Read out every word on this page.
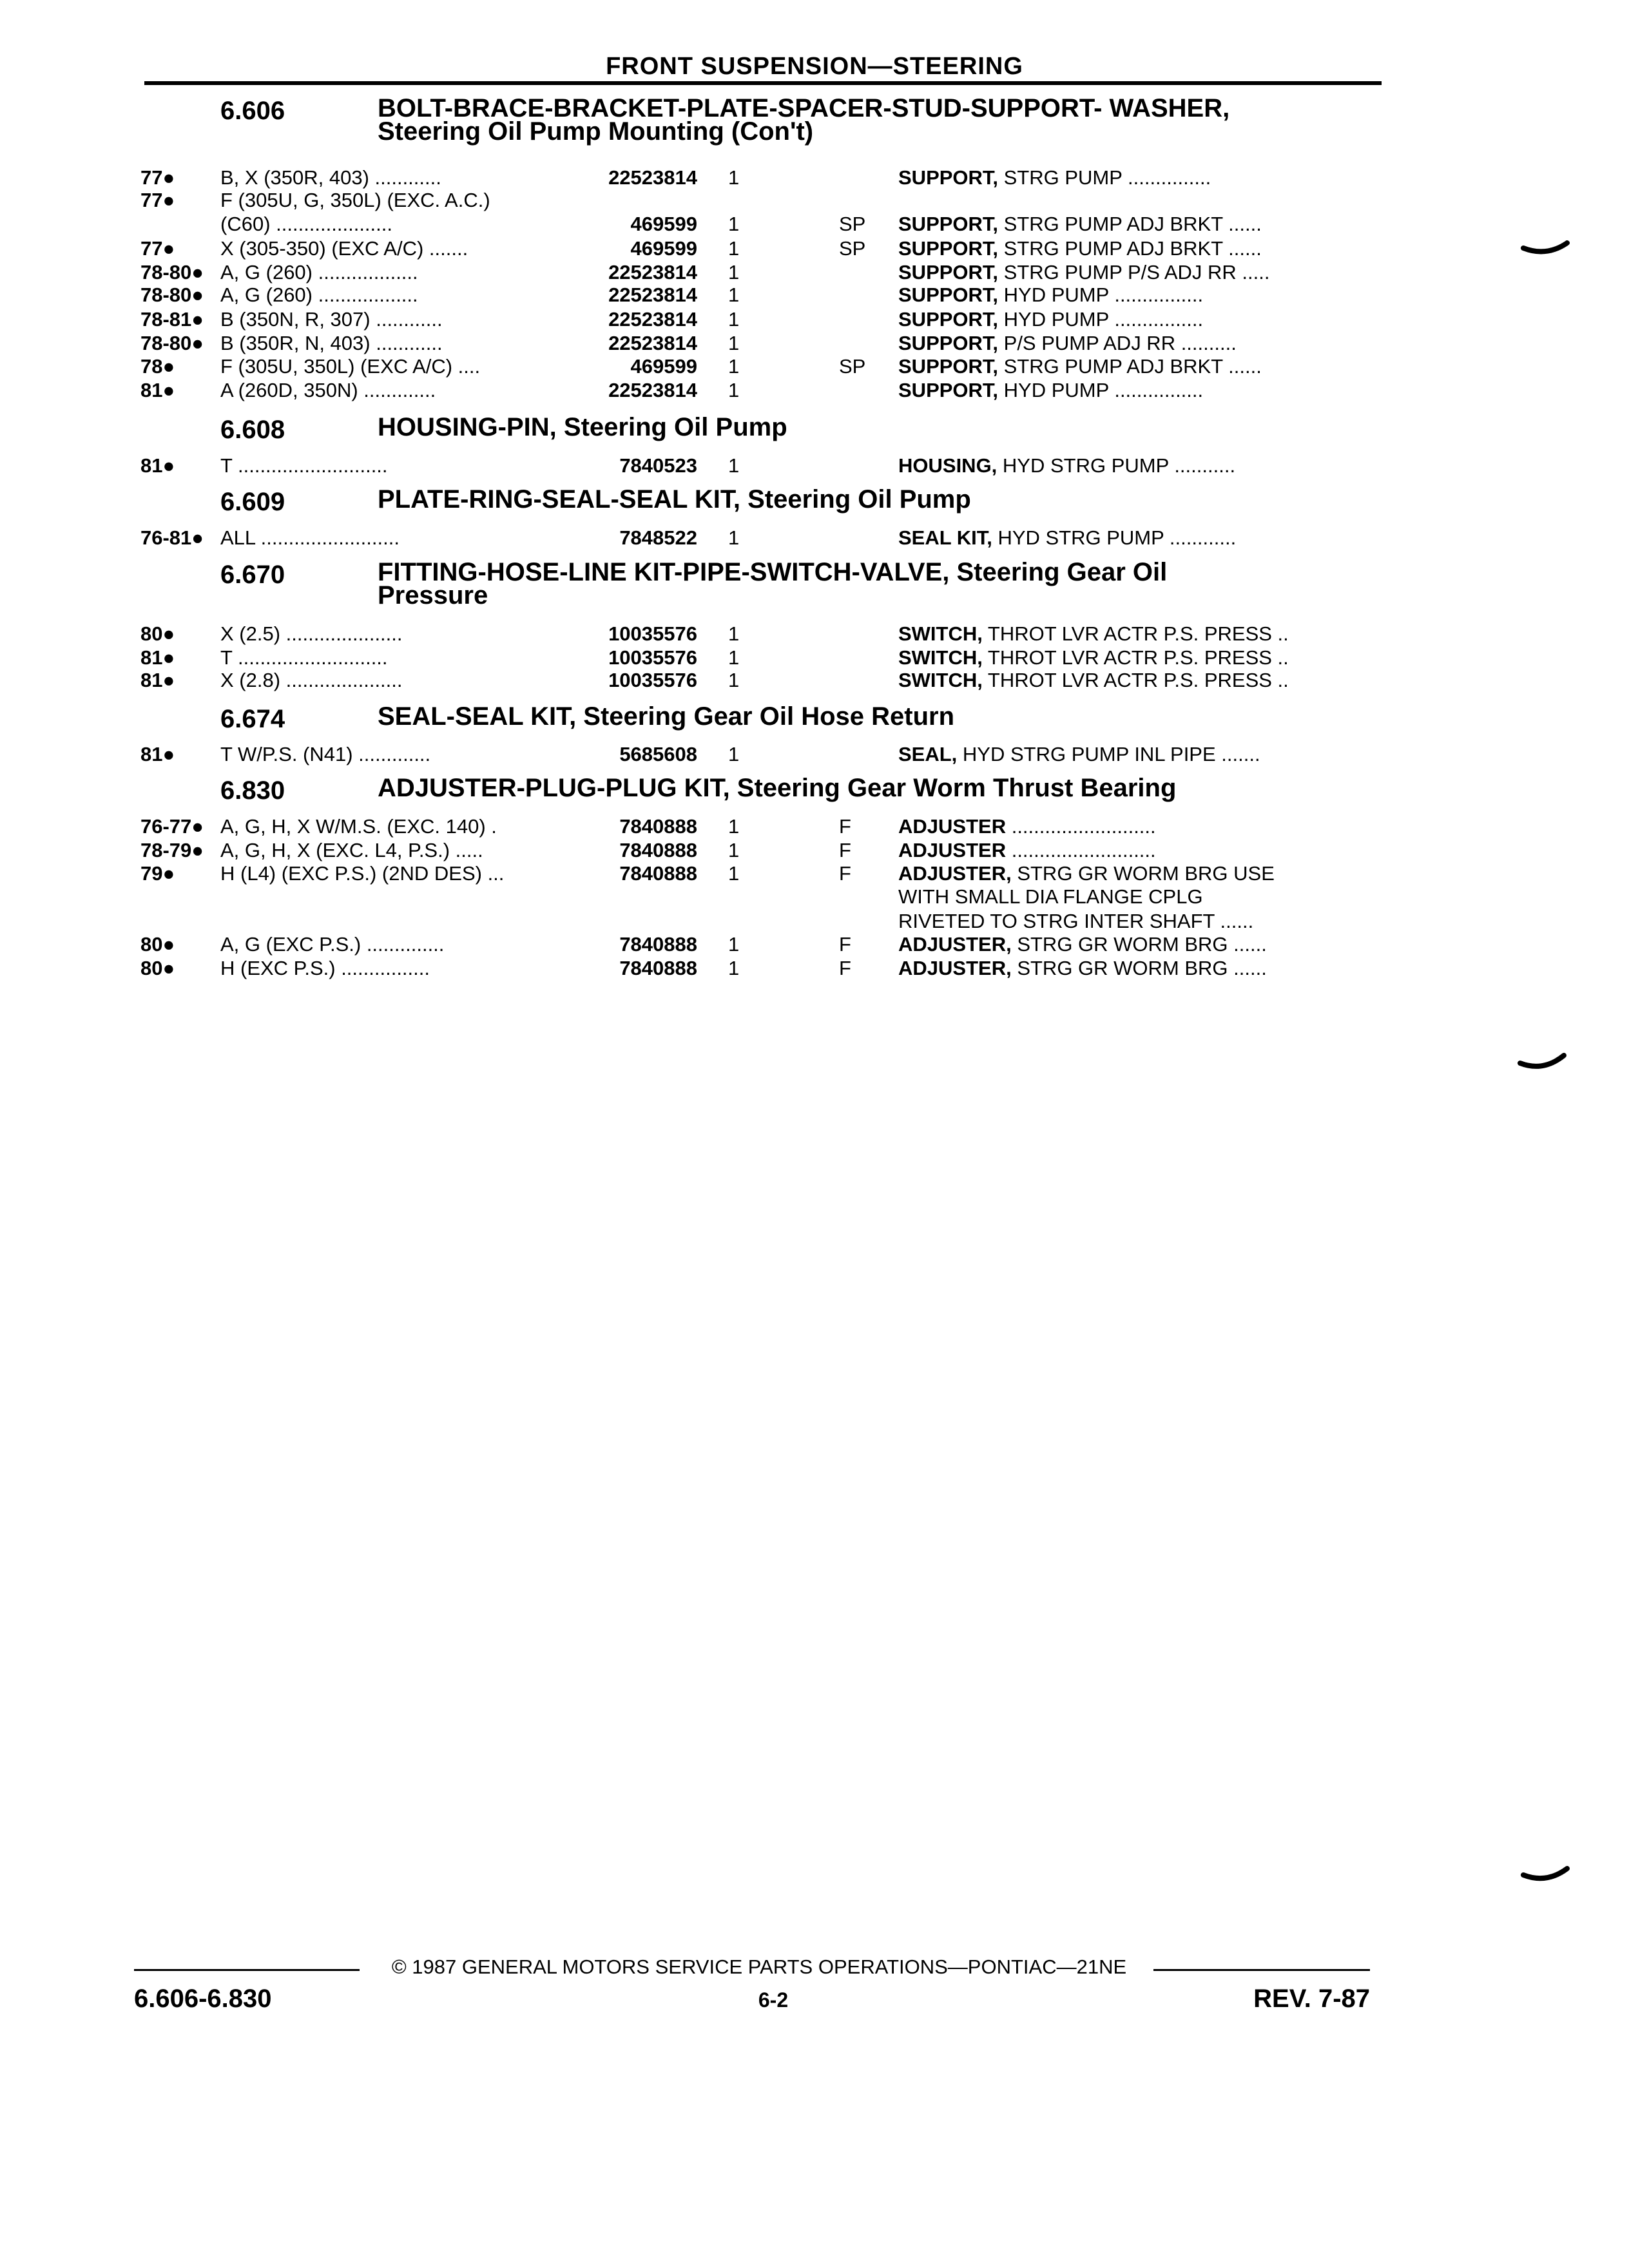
FRONT SUSPENSION—STEERING
6.606	BOLT-BRACE-BRACKET-PLATE-SPACER-STUD-SUPPORT- WASHER,
Steering Oil Pump Mounting (Con't)
77● B, X (350R, 403) ............	22523814 1	SUPPORT, STRG PUMP ...............
77● F (305U, G, 350L) (EXC. A.C.)
(C60) .....................	469599 1	SP SUPPORT, STRG PUMP ADJ BRKT ......
77● X (305-350) (EXC A/C) .......	469599 1	SP SUPPORT, STRG PUMP ADJ BRKT ......
78-80● A, G (260) ..................	22523814 1	SUPPORT, STRG PUMP P/S ADJ RR .....
78-80● A, G (260) ..................	22523814 1	SUPPORT, HYD PUMP ................
78-81● B (350N, R, 307) ............	22523814 1	SUPPORT, HYD PUMP ................
78-80● B (350R, N, 403) ............	22523814 1	SUPPORT, P/S PUMP ADJ RR ..........
78● F (305U, 350L) (EXC A/C) ....	469599 1	SP SUPPORT, STRG PUMP ADJ BRKT ......
81● A (260D, 350N) .............	22523814 1	SUPPORT, HYD PUMP ................
6.608	HOUSING-PIN, Steering Oil Pump
81● T ...........................	7840523 1	HOUSING, HYD STRG PUMP ...........
6.609	PLATE-RING-SEAL-SEAL KIT, Steering Oil Pump
76-81● ALL .........................	7848522 1	SEAL KIT, HYD STRG PUMP ............
6.670	FITTING-HOSE-LINE KIT-PIPE-SWITCH-VALVE, Steering Gear Oil
Pressure
80● X (2.5) .....................	10035576 1	SWITCH, THROT LVR ACTR P.S. PRESS ..
81● T ...........................	10035576 1	SWITCH, THROT LVR ACTR P.S. PRESS ..
81● X (2.8) .....................	10035576 1	SWITCH, THROT LVR ACTR P.S. PRESS ..
6.674	SEAL-SEAL KIT, Steering Gear Oil Hose Return
81● T W/P.S. (N41) .............	5685608 1	SEAL, HYD STRG PUMP INL PIPE .......
6.830	ADJUSTER-PLUG-PLUG KIT, Steering Gear Worm Thrust Bearing
76-77● A, G, H, X W/M.S. (EXC. 140) .	7840888 1	F ADJUSTER ..........................
78-79● A, G, H, X (EXC. L4, P.S.) .....	7840888 1	F ADJUSTER ..........................
79● H (L4) (EXC P.S.) (2ND DES) ...	7840888 1	F ADJUSTER, STRG GR WORM BRG USE
WITH SMALL DIA FLANGE CPLG
RIVETED TO STRG INTER SHAFT ......
80● A, G (EXC P.S.) ..............	7840888 1	F ADJUSTER, STRG GR WORM BRG ......
80● H (EXC P.S.) ................	7840888 1	F ADJUSTER, STRG GR WORM BRG ......
© 1987 GENERAL MOTORS SERVICE PARTS OPERATIONS—PONTIAC—21NE
6.606-6.830	6-2	REV. 7-87
